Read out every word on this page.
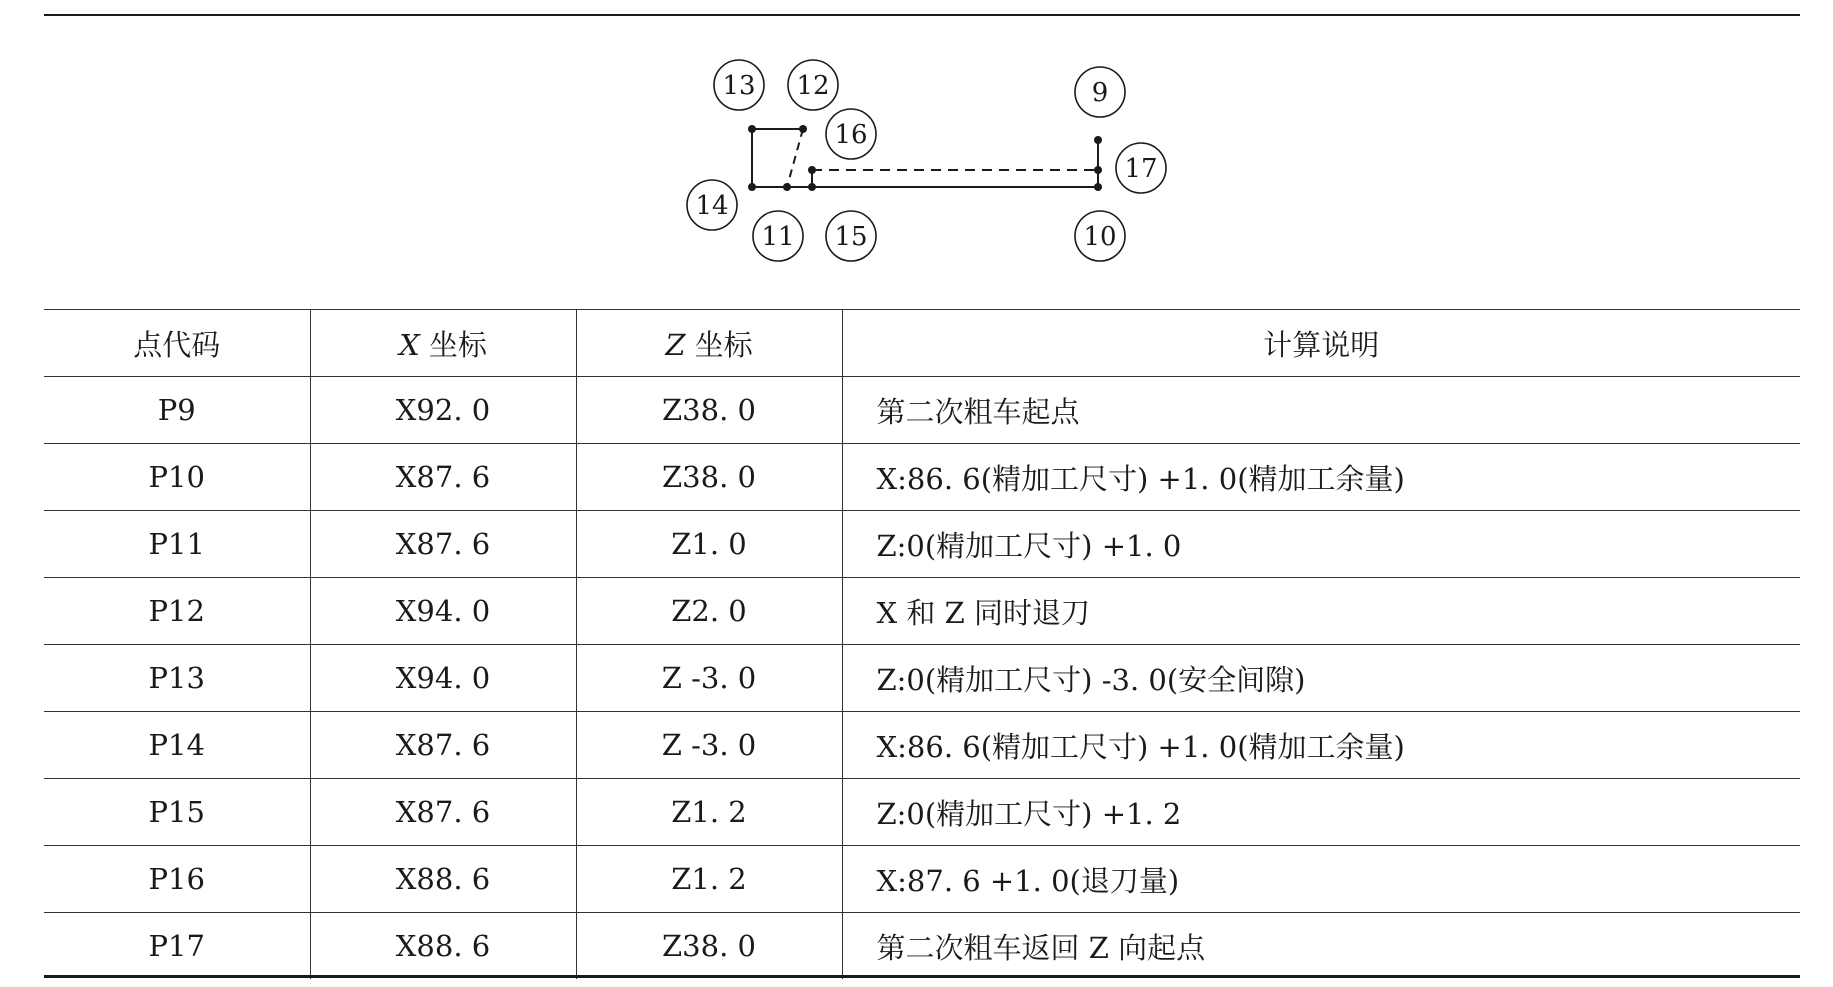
13 12
16
9
17
14
11 15	10
点代码	X 坐标	Z 坐标	计算说明
P9	X92. 0	Z38. 0	第二次粗车起点
P10	X87. 6	Z38. 0	X:86. 6(精加工尺寸) +1. 0(精加工余量)
P11	X87. 6	Z1. 0	Z:0(精加工尺寸) +1. 0
P12	X94. 0	Z2. 0	X 和 Z 同时退刀
P13	X94. 0	Z -3. 0	Z:0(精加工尺寸) -3. 0(安全间隙)
P14	X87. 6	Z -3. 0	X:86. 6(精加工尺寸) +1. 0(精加工余量)
P15	X87. 6	Z1. 2	Z:0(精加工尺寸) +1. 2
P16	X88. 6	Z1. 2	X:87. 6 +1. 0(退刀量)
P17	X88. 6	Z38. 0	第二次粗车返回 Z 向起点
